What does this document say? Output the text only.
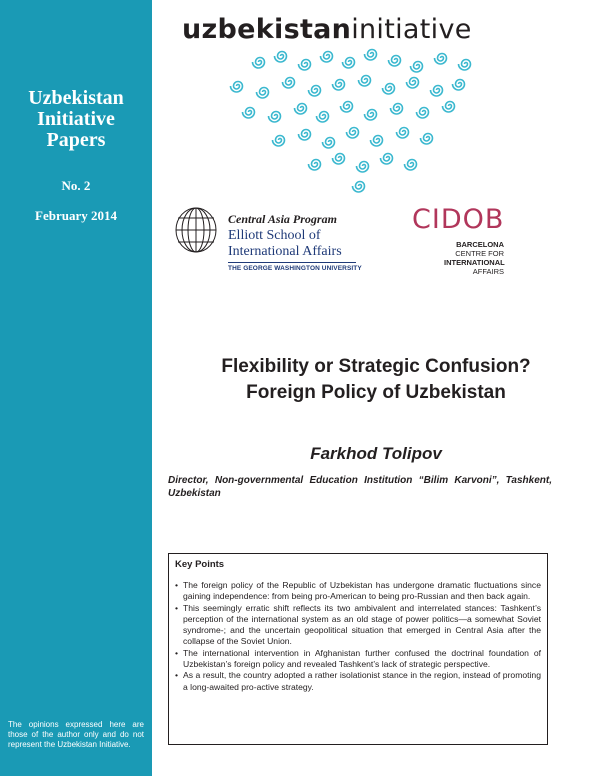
Uzbekistan Initiative Papers
No. 2
February 2014
The opinions expressed here are those of the author only and do not represent the Uzbekistan Initiative.
uzbekistaninitiative
Central Asia Program
Elliott School of
International Affairs
THE GEORGE WASHINGTON UNIVERSITY
CIDOB
BARCELONA
CENTRE FOR
INTERNATIONAL
AFFAIRS
Flexibility or Strategic Confusion?
Foreign Policy of Uzbekistan
Farkhod Tolipov
Director, Non-governmental Education Institution “Bilim Karvoni”, Tashkent, Uzbekistan
Key Points
• The foreign policy of the Republic of Uzbekistan has undergone dramatic fluctuations since gaining independence: from being pro-American to being pro-Russian and then back again.
• This seemingly erratic shift reflects its two ambivalent and interrelated stances: Tashkent’s perception of the international system as an old stage of power politics—a somewhat Soviet syndrome-; and the uncertain geopolitical situation that emerged in Central Asia after the collapse of the Soviet Union.
• The international intervention in Afghanistan further confused the doctrinal foundation of Uzbekistan’s foreign policy and revealed Tashkent’s lack of strategic perspective.
• As a result, the country adopted a rather isolationist stance in the region, instead of promoting a long-awaited pro-active strategy.
